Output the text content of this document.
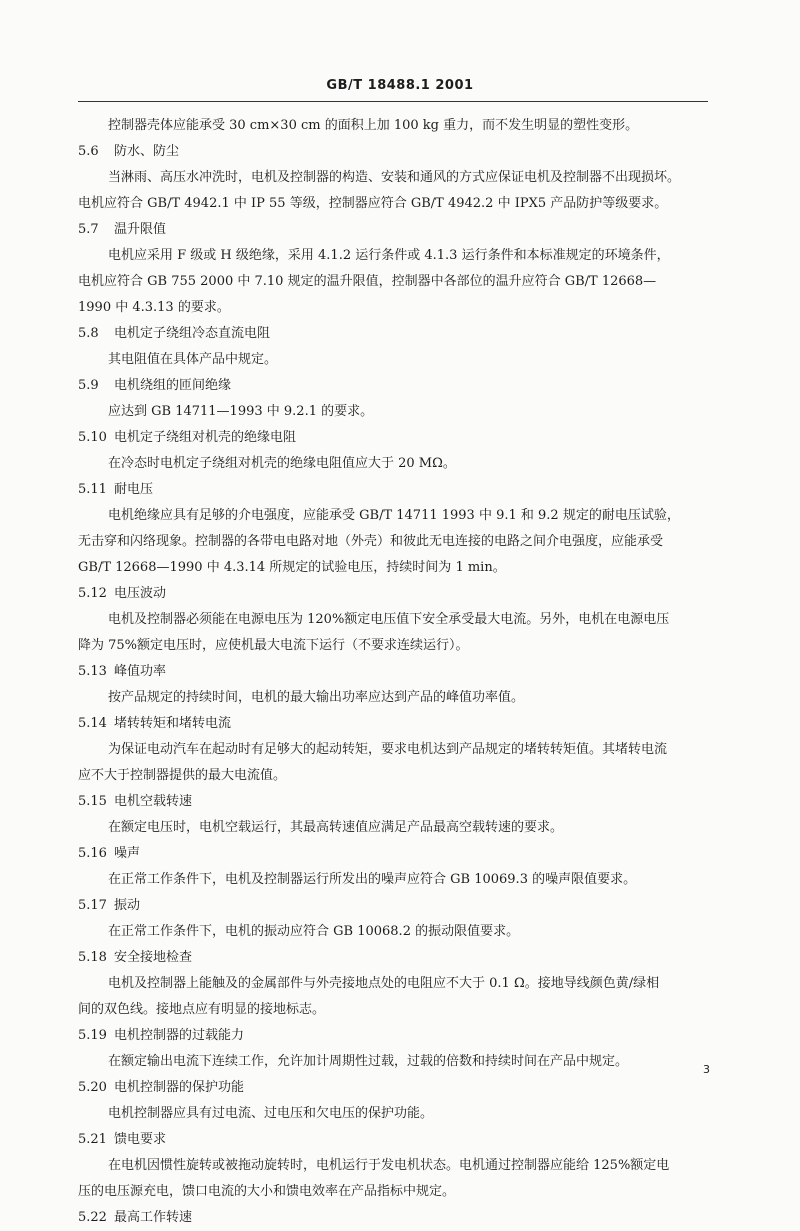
GB/T 18488.1 2001
控制器壳体应能承受 30 cm×30 cm 的面积上加 100 kg 重力，而不发生明显的塑性变形。
5.6 防水、防尘
当淋雨、高压水冲洗时，电机及控制器的构造、安装和通风的方式应保证电机及控制器不出现损坏。
电机应符合 GB/T 4942.1 中 IP 55 等级，控制器应符合 GB/T 4942.2 中 IPX5 产品防护等级要求。
5.7 温升限值
电机应采用 F 级或 H 级绝缘，采用 4.1.2 运行条件或 4.1.3 运行条件和本标准规定的环境条件，
电机应符合 GB 755 2000 中 7.10 规定的温升限值，控制器中各部位的温升应符合 GB/T 12668—
1990 中 4.3.13 的要求。
5.8 电机定子绕组冷态直流电阻
其电阻值在具体产品中规定。
5.9 电机绕组的匝间绝缘
应达到 GB 14711—1993 中 9.2.1 的要求。
5.10 电机定子绕组对机壳的绝缘电阻
在冷态时电机定子绕组对机壳的绝缘电阻值应大于 20 MΩ。
5.11 耐电压
电机绝缘应具有足够的介电强度，应能承受 GB/T 14711 1993 中 9.1 和 9.2 规定的耐电压试验，
无击穿和闪络现象。控制器的各带电电路对地（外壳）和彼此无电连接的电路之间介电强度，应能承受
GB/T 12668—1990 中 4.3.14 所规定的试验电压，持续时间为 1 min。
5.12 电压波动
电机及控制器必须能在电源电压为 120%额定电压值下安全承受最大电流。另外，电机在电源电压
降为 75%额定电压时，应使机最大电流下运行（不要求连续运行）。
5.13 峰值功率
按产品规定的持续时间，电机的最大输出功率应达到产品的峰值功率值。
5.14 堵转转矩和堵转电流
为保证电动汽车在起动时有足够大的起动转矩，要求电机达到产品规定的堵转转矩值。其堵转电流
应不大于控制器提供的最大电流值。
5.15 电机空载转速
在额定电压时，电机空载运行，其最高转速值应满足产品最高空载转速的要求。
5.16 噪声
在正常工作条件下，电机及控制器运行所发出的噪声应符合 GB 10069.3 的噪声限值要求。
5.17 振动
在正常工作条件下，电机的振动应符合 GB 10068.2 的振动限值要求。
5.18 安全接地检查
电机及控制器上能触及的金属部件与外壳接地点处的电阻应不大于 0.1 Ω。接地导线颜色黄/绿相
间的双色线。接地点应有明显的接地标志。
5.19 电机控制器的过载能力
在额定输出电流下连续工作，允许加计周期性过载，过载的倍数和持续时间在产品中规定。
5.20 电机控制器的保护功能
电机控制器应具有过电流、过电压和欠电压的保护功能。
5.21 馈电要求
在电机因惯性旋转或被拖动旋转时，电机运行于发电机状态。电机通过控制器应能给 125%额定电
压的电压源充电，馈口电流的大小和馈电效率在产品指标中规定。
5.22 最高工作转速
3
